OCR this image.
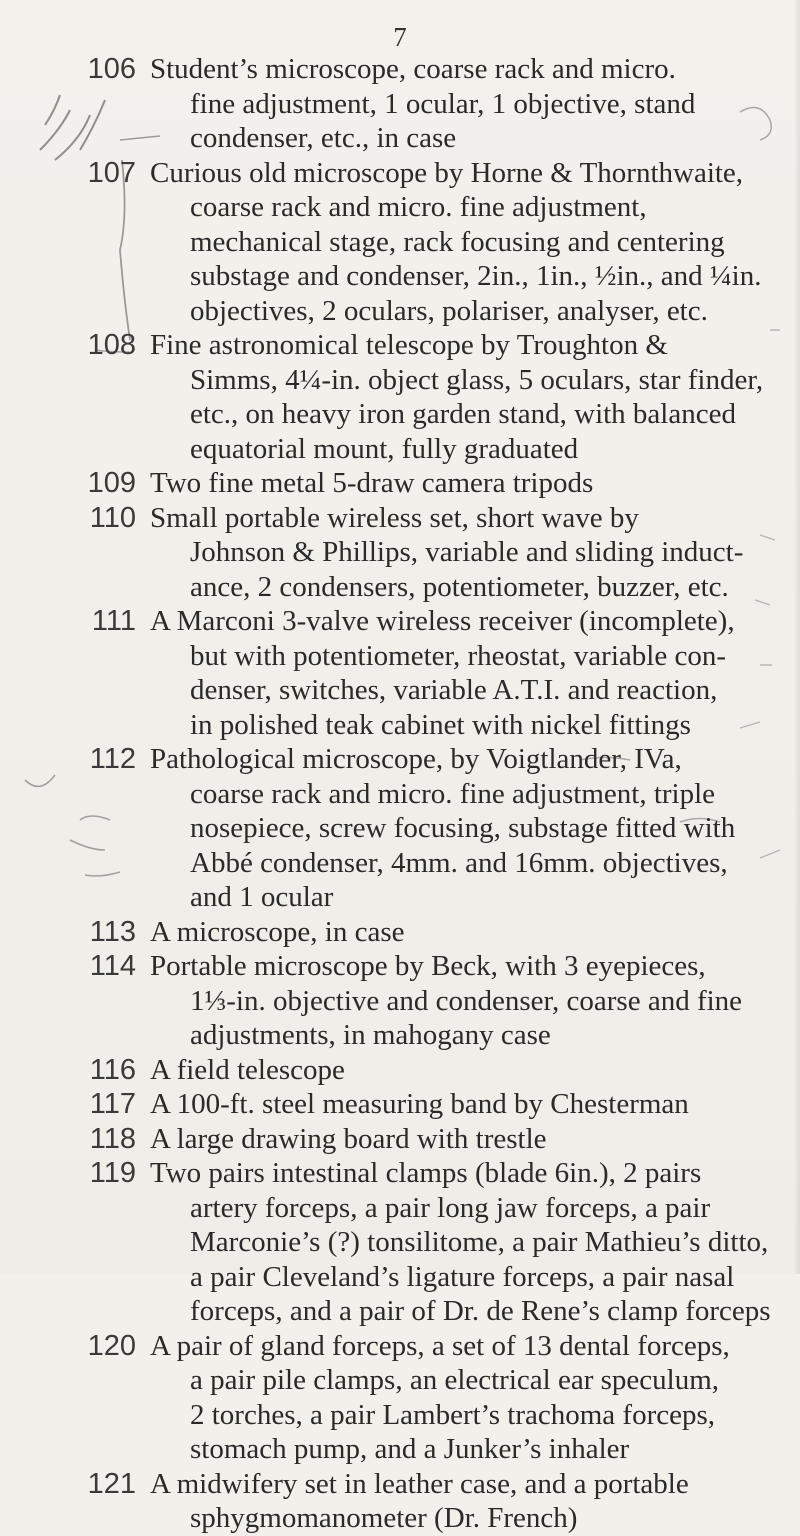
7
106 Student’s microscope, coarse rack and micro.
fine adjustment, 1 ocular, 1 objective, stand
condenser, etc., in case
107 Curious old microscope by Horne & Thornthwaite,
coarse rack and micro. fine adjustment,
mechanical stage, rack focusing and centering
substage and condenser, 2in., 1in., ½in., and ¼in.
objectives, 2 oculars, polariser, analyser, etc.
108 Fine astronomical telescope by Troughton &
Simms, 4¼-in. object glass, 5 oculars, star finder,
etc., on heavy iron garden stand, with balanced
equatorial mount, fully graduated
109 Two fine metal 5-draw camera tripods
110 Small portable wireless set, short wave by
Johnson & Phillips, variable and sliding induct-
ance, 2 condensers, potentiometer, buzzer, etc.
111 A Marconi 3-valve wireless receiver (incomplete),
but with potentiometer, rheostat, variable con-
denser, switches, variable A.T.I. and reaction,
in polished teak cabinet with nickel fittings
112 Pathological microscope, by Voigtlander, IVa,
coarse rack and micro. fine adjustment, triple
nosepiece, screw focusing, substage fitted with
Abbé condenser, 4mm. and 16mm. objectives,
and 1 ocular
113 A microscope, in case
114 Portable microscope by Beck, with 3 eyepieces,
1⅓-in. objective and condenser, coarse and fine
adjustments, in mahogany case
116 A field telescope
117 A 100-ft. steel measuring band by Chesterman
118 A large drawing board with trestle
119 Two pairs intestinal clamps (blade 6in.), 2 pairs
artery forceps, a pair long jaw forceps, a pair
Marconie’s (?) tonsilitome, a pair Mathieu’s ditto,
a pair Cleveland’s ligature forceps, a pair nasal
forceps, and a pair of Dr. de Rene’s clamp forceps
120 A pair of gland forceps, a set of 13 dental forceps,
a pair pile clamps, an electrical ear speculum,
2 torches, a pair Lambert’s trachoma forceps,
stomach pump, and a Junker’s inhaler
121 A midwifery set in leather case, and a portable
sphygmomanometer (Dr. French)
